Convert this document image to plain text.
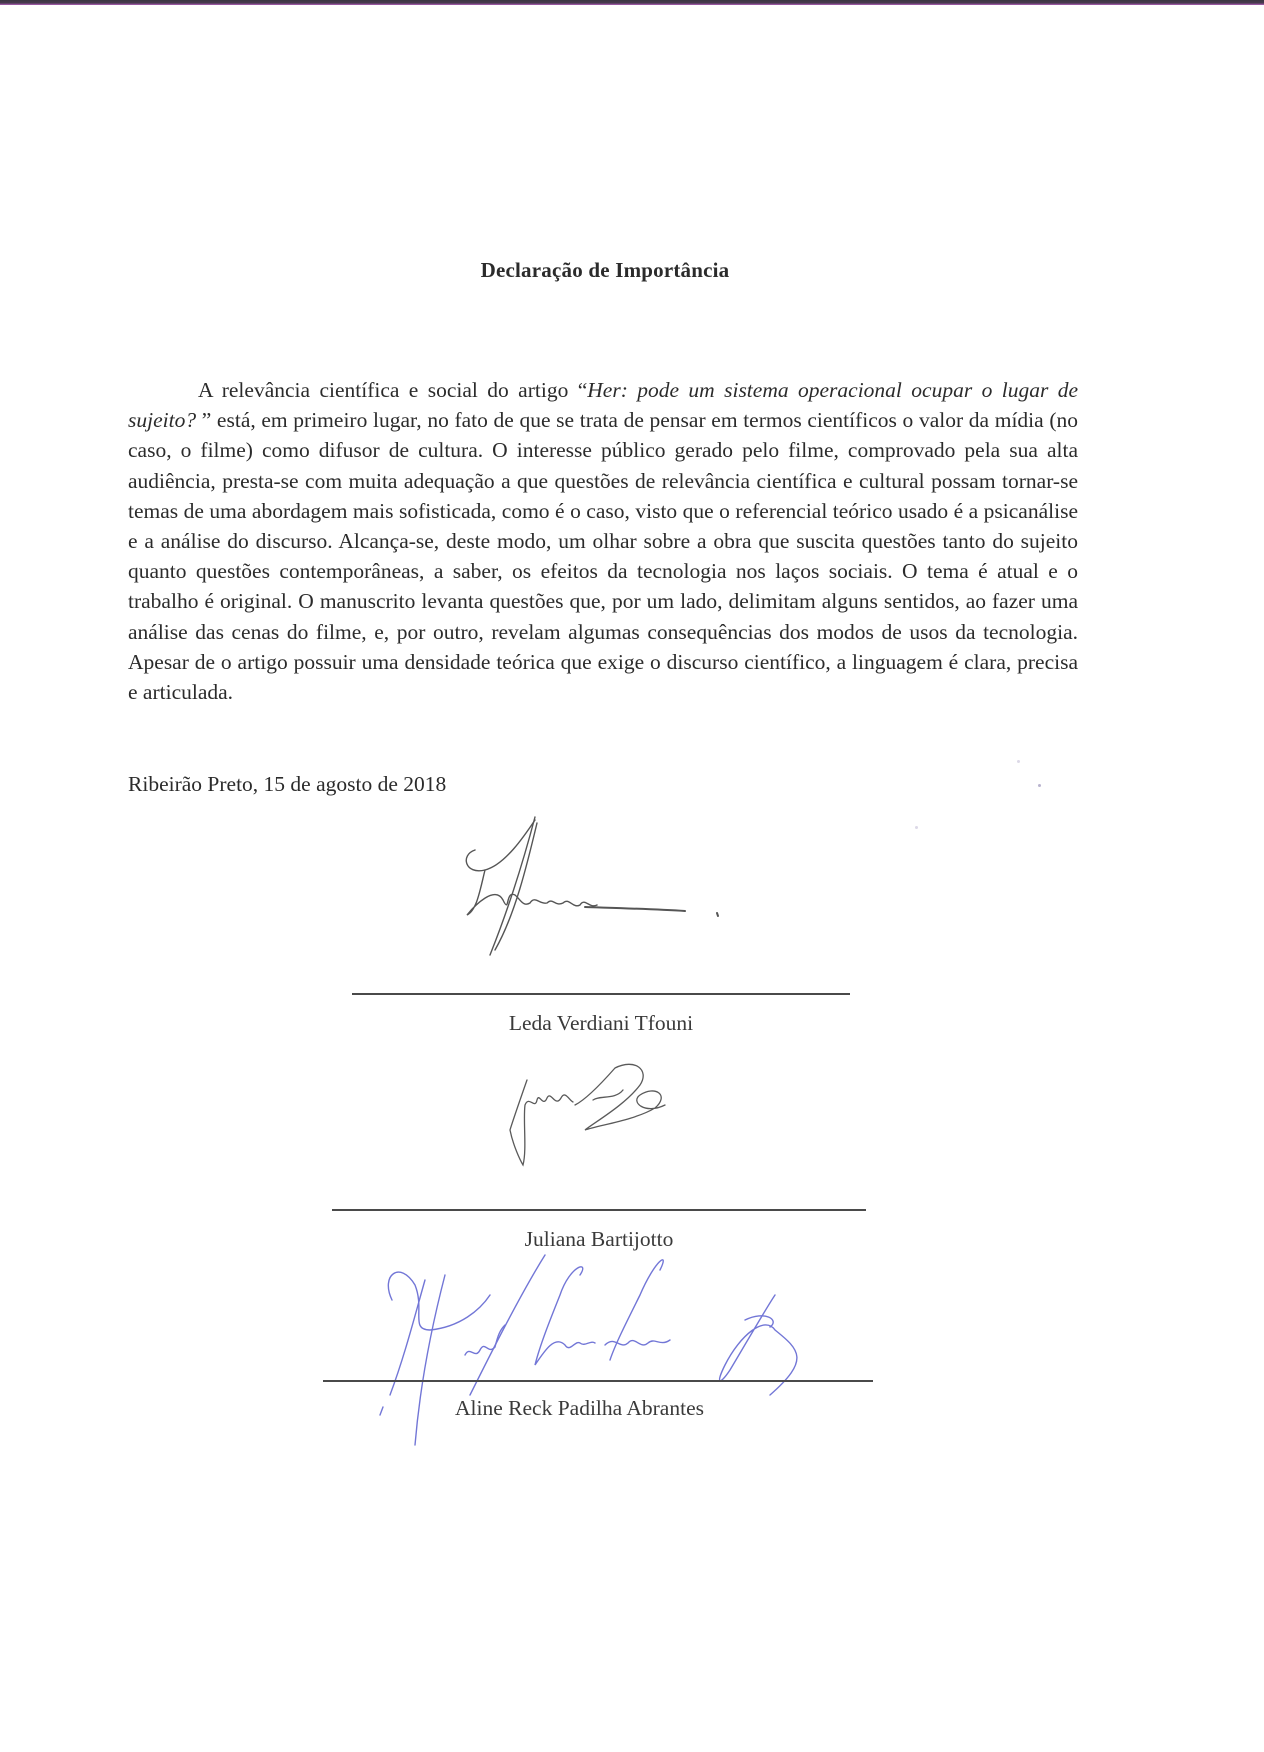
Declaração de Importância

A relevância científica e social do artigo “Her: pode um sistema operacional ocupar o lugar de sujeito? ” está, em primeiro lugar, no fato de que se trata de pensar em termos científicos o valor da mídia (no caso, o filme) como difusor de cultura. O interesse público gerado pelo filme, comprovado pela sua alta audiência, presta-se com muita adequação a que questões de relevância científica e cultural possam tornar-se temas de uma abordagem mais sofisticada, como é o caso, visto que o referencial teórico usado é a psicanálise e a análise do discurso. Alcança-se, deste modo, um olhar sobre a obra que suscita questões tanto do sujeito quanto questões contemporâneas, a saber, os efeitos da tecnologia nos laços sociais. O tema é atual e o trabalho é original. O manuscrito levanta questões que, por um lado, delimitam alguns sentidos, ao fazer uma análise das cenas do filme, e, por outro, revelam algumas consequências dos modos de usos da tecnologia. Apesar de o artigo possuir uma densidade teórica que exige o discurso científico, a linguagem é clara, precisa e articulada.

Ribeirão Preto, 15 de agosto de 2018
Leda Verdiani Tfouni
Juliana Bartijotto
Aline Reck Padilha Abrantes
